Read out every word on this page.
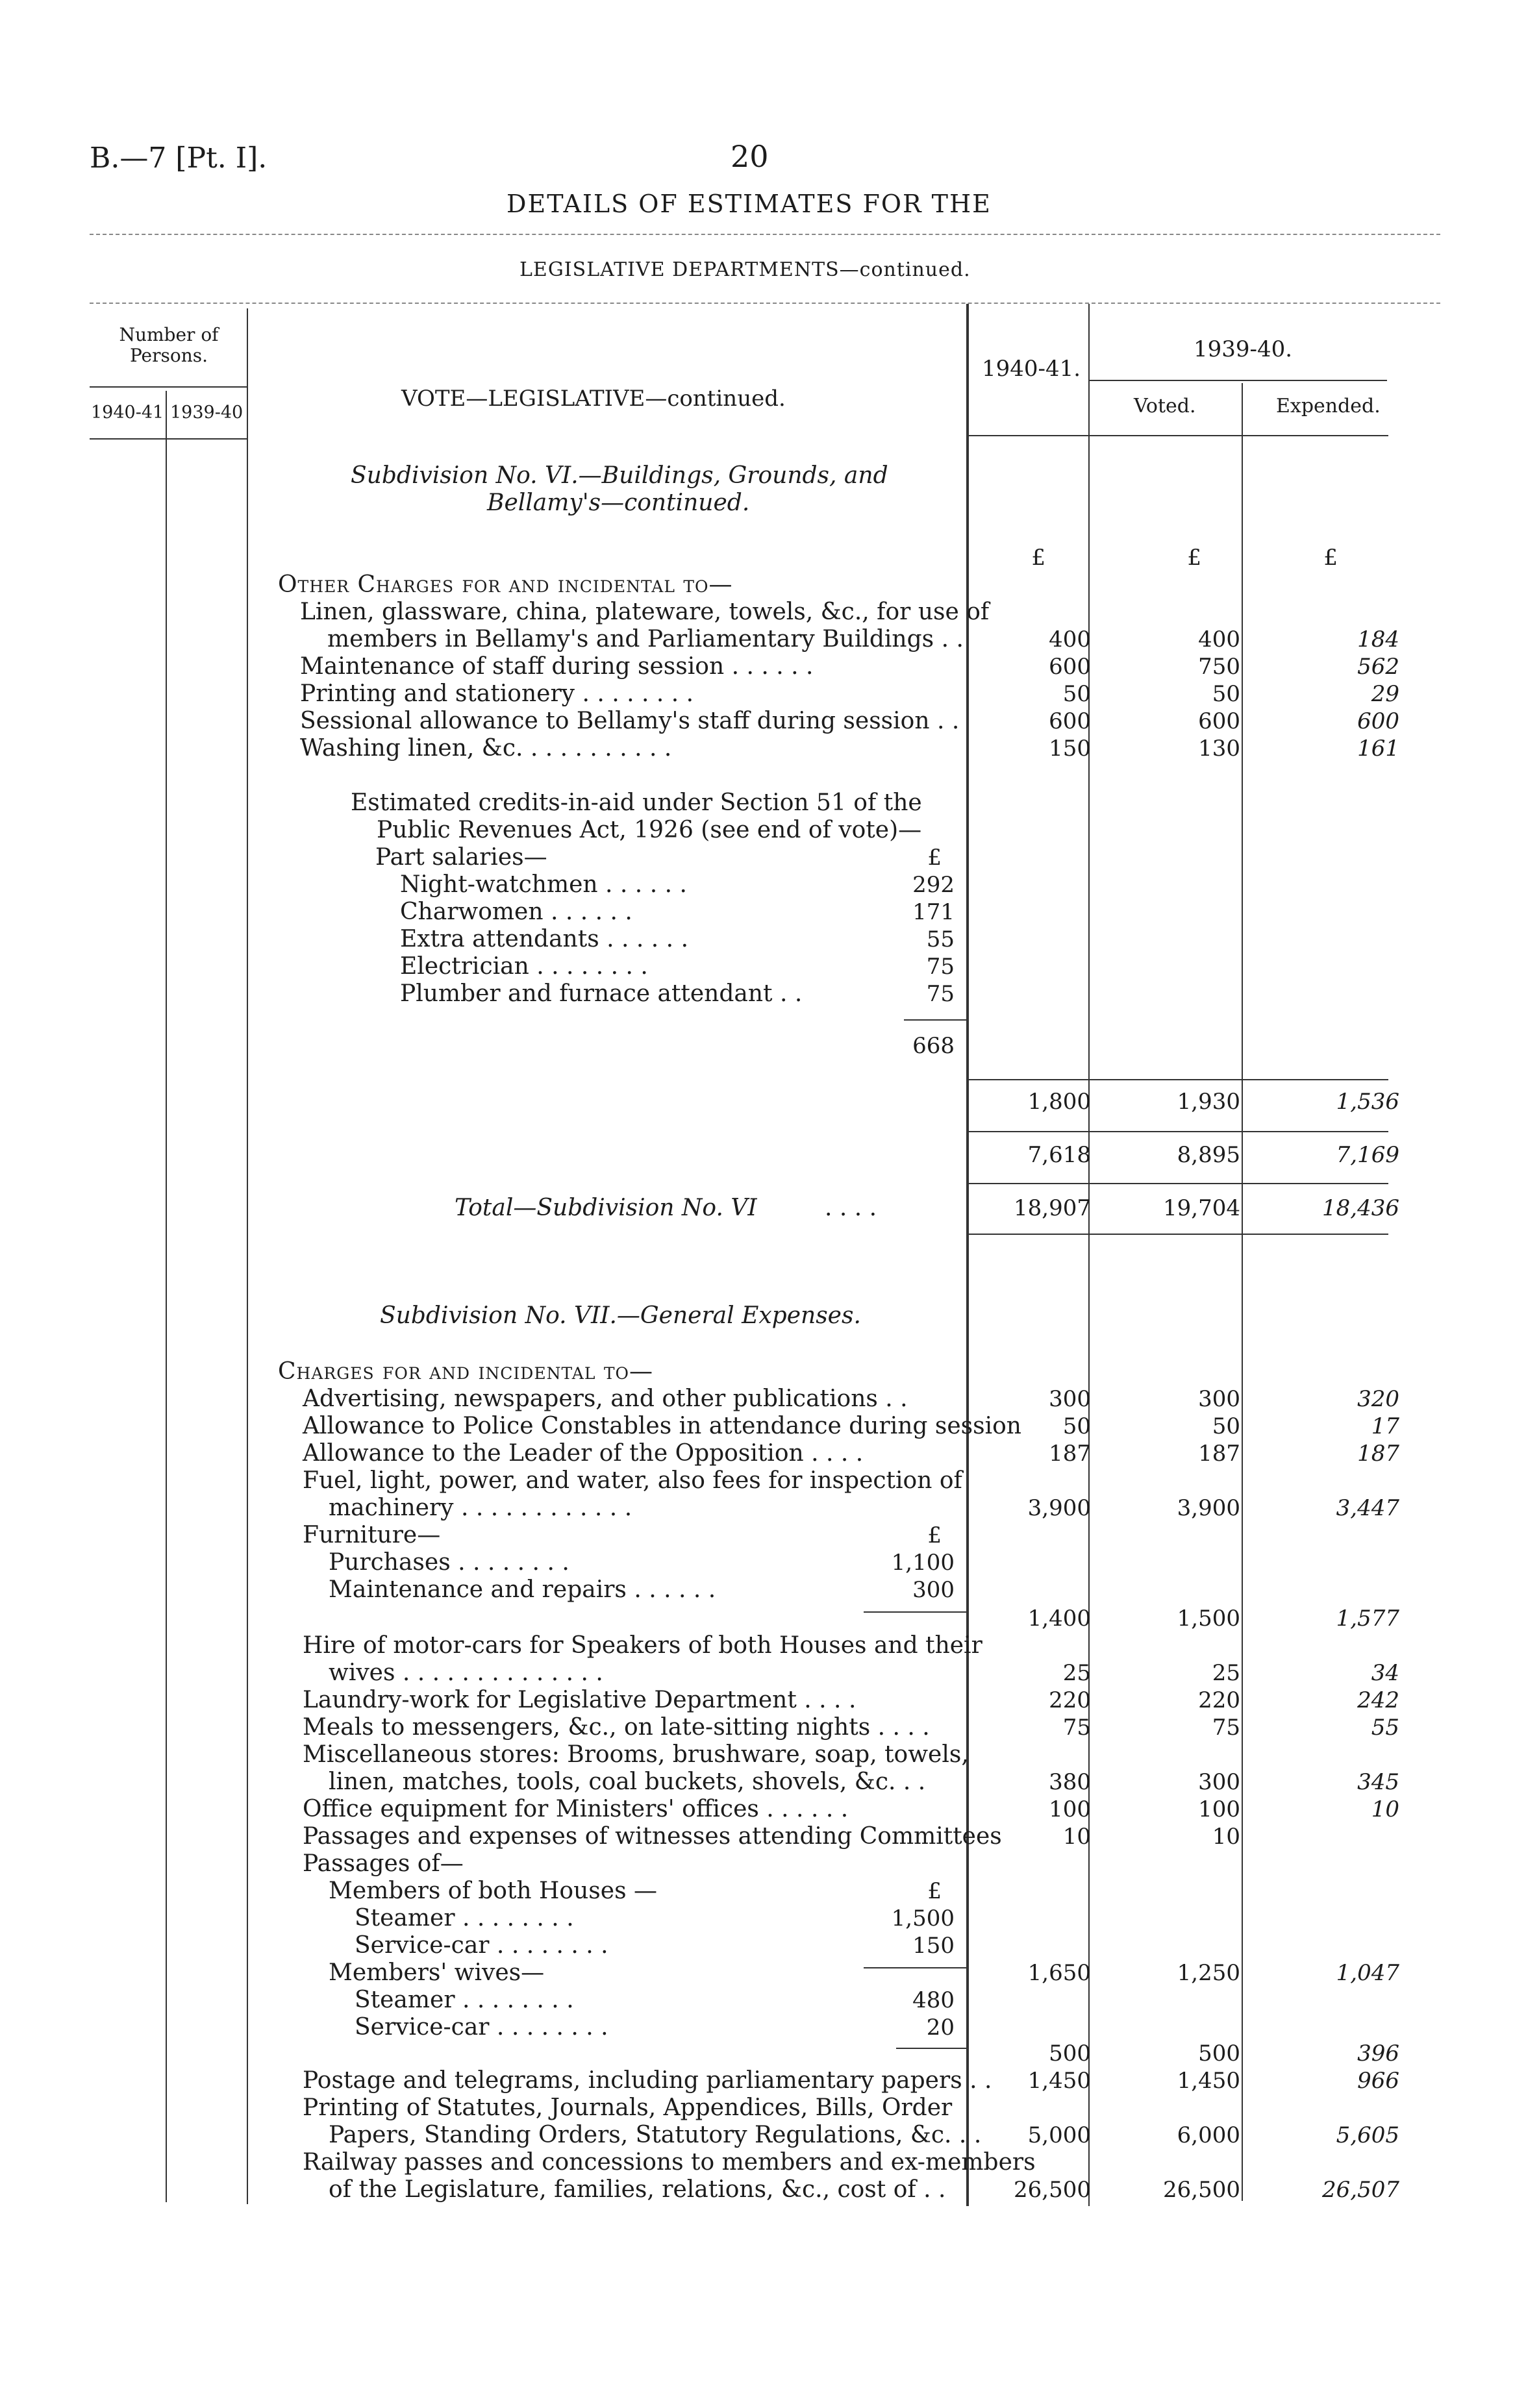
B.—7 [Pt. I].	20
DETAILS OF ESTIMATES FOR THE
LEGISLATIVE DEPARTMENTS—continued.
Number of Persons.
1940-41 1939-40
1940-41.
1939-40.
Voted.	Expended.
VOTE—LEGISLATIVE—continued.
Subdivision No. VI.—Buildings, Grounds, and
Bellamy's—continued.
£	£	£
Other Charges for and incidental to—
Linen, glassware, china, plateware, towels, &c., for use of
members in Bellamy's and Parliamentary Buildings . .	400	400	184
Maintenance of staff during session . . . . . .	600	750	562
Printing and stationery . . . . . . . .	50	50	29
Sessional allowance to Bellamy's staff during session . .	600	600	600
Washing linen, &c. . . . . . . . . . .	150	130	161
Estimated credits-in-aid under Section 51 of the
Public Revenues Act, 1926 (see end of vote)—
Part salaries—	£
Night-watchmen . . . . . .	292
Charwomen . . . . . .	171
Extra attendants . . . . . .	55
Electrician . . . . . . . .	75
Plumber and furnace attendant . .	75
668
1,800	1,930	1,536
7,618	8,895	7,169
Total—Subdivision No. VI	. . . .	18,907	19,704	18,436
Subdivision No. VII.—General Expenses.
Charges for and incidental to—
Advertising, newspapers, and other publications . .	300	300	320
Allowance to Police Constables in attendance during session 50	50	17
Allowance to the Leader of the Opposition . . . .	187	187	187
Fuel, light, power, and water, also fees for inspection of
machinery . . . . . . . . . . . .	3,900	3,900	3,447
Furniture—	£
Purchases . . . . . . . .	1,100
Maintenance and repairs . . . . . .	300
1,400	1,500	1,577
Hire of motor-cars for Speakers of both Houses and their
wives . . . . . . . . . . . . . .	25	25	34
Laundry-work for Legislative Department . . . .	220	220	242
Meals to messengers, &c., on late-sitting nights . . . .	75	75	55
Miscellaneous stores: Brooms, brushware, soap, towels,
linen, matches, tools, coal buckets, shovels, &c. . .	380	300	345
Office equipment for Ministers' offices . . . . . .	100	100	10
Passages and expenses of witnesses attending Committees	10	10
Passages of—
Members of both Houses —	£
Steamer . . . . . . . .	1,500
Service-car . . . . . . . .	150
1,650	1,250	1,047
Members' wives—
Steamer . . . . . . . .	480
Service-car . . . . . . . .	20
500	500	396
Postage and telegrams, including parliamentary papers . . 1,450	1,450	966
Printing of Statutes, Journals, Appendices, Bills, Order
Papers, Standing Orders, Statutory Regulations, &c. . . 5,000	6,000	5,605
Railway passes and concessions to members and ex-members
of the Legislature, families, relations, &c., cost of . .	26,500	26,500	26,507
